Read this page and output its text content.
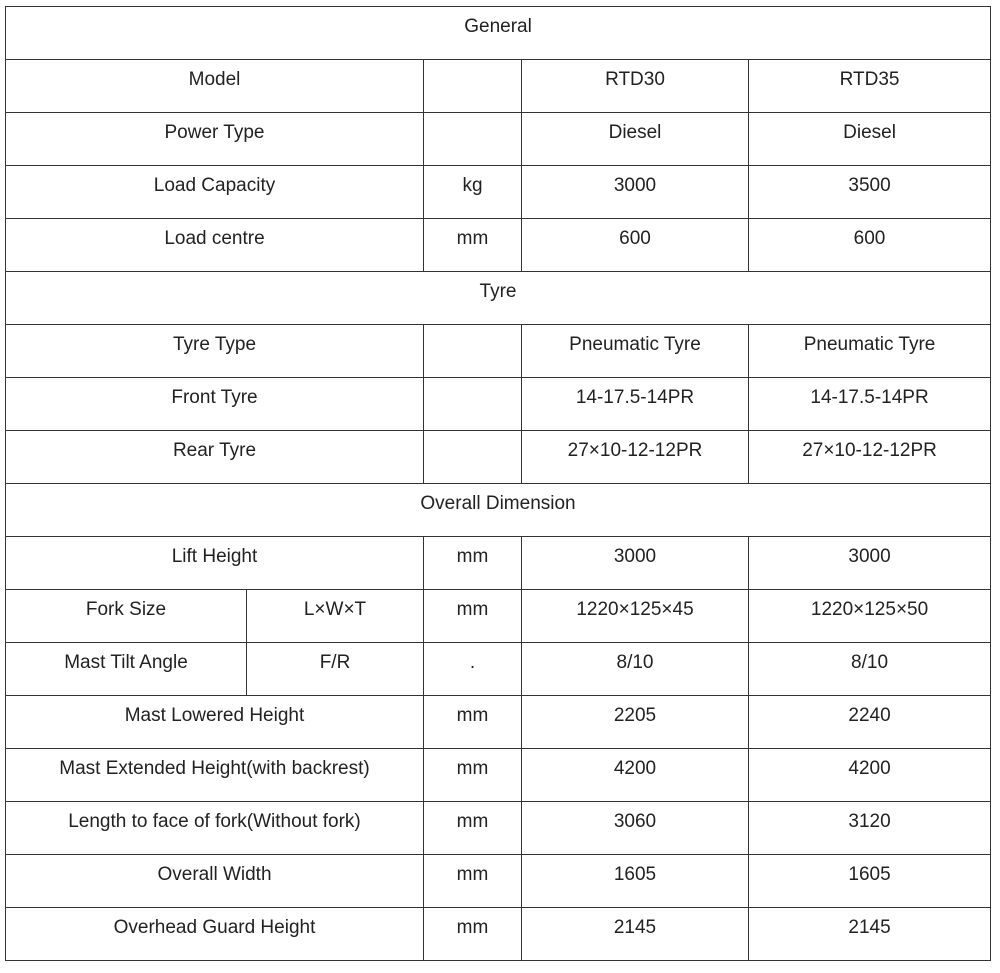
General				
Model			RTD30	RTD35
Power Type			Diesel	Diesel
Load Capacity		kg	3000	3500
Load centre		mm	600	600
Tyre				
Tyre Type			Pneumatic Tyre	Pneumatic Tyre
Front Tyre			14-17.5-14PR	14-17.5-14PR
Rear Tyre			27×10-12-12PR	27×10-12-12PR
Overall Dimension				
Lift Height		mm	3000	3000
Fork Size	L×W×T	mm	1220×125×45	1220×125×50
Mast Tilt Angle	F/R	.	8/10	8/10
Mast Lowered Height		mm	2205	2240
Mast Extended Height(with backrest)		mm	4200	4200
Length to face of fork(Without fork)		mm	3060	3120
Overall Width		mm	1605	1605
Overhead Guard Height		mm	2145	2145
